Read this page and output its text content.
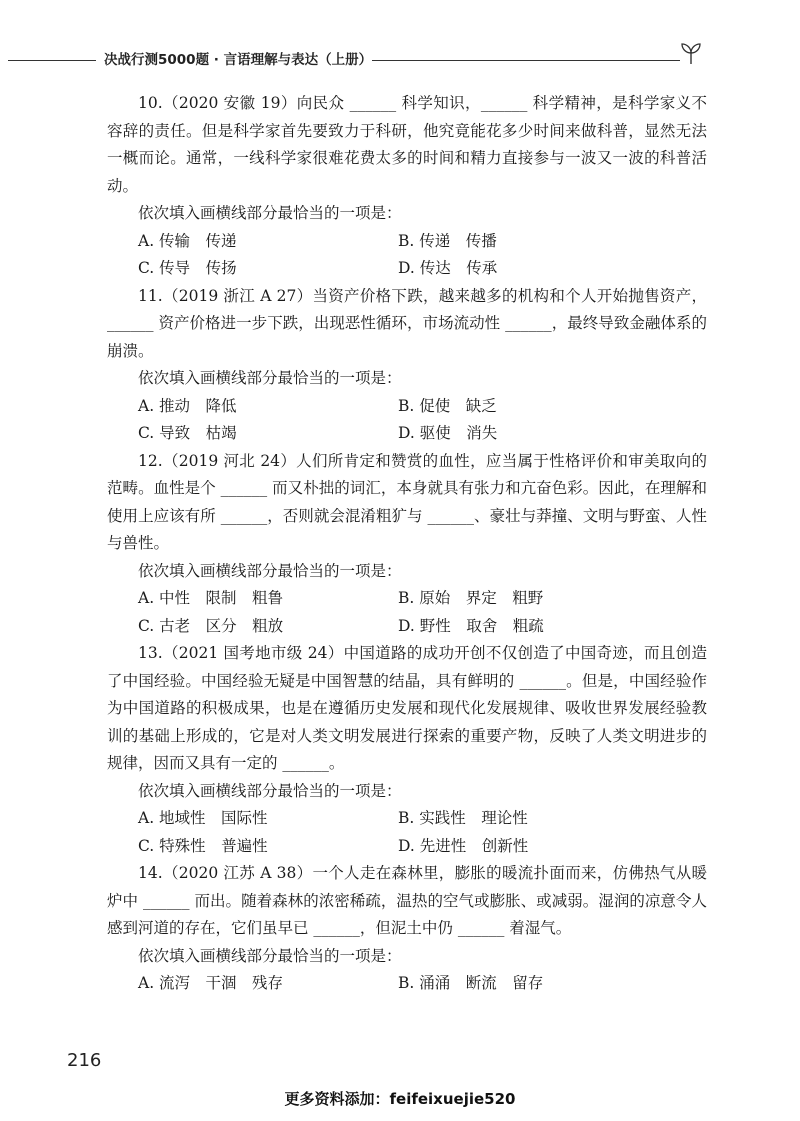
决战行测5000题 · 言语理解与表达（上册）

10.（2020 安徽 19）向民众 ______ 科学知识，______ 科学精神，是科学家义不容辞的责任。但是科学家首先要致力于科研，他究竟能花多少时间来做科普，显然无法一概而论。通常，一线科学家很难花费太多的时间和精力直接参与一波又一波的科普活动。

依次填入画横线部分最恰当的一项是：

A. 传输　传递	B. 传递　传播
C. 传导　传扬	D. 传达　传承

11.（2019 浙江 A 27）当资产价格下跌，越来越多的机构和个人开始抛售资产，______ 资产价格进一步下跌，出现恶性循环，市场流动性 ______，最终导致金融体系的崩溃。

依次填入画横线部分最恰当的一项是：

A. 推动　降低	B. 促使　缺乏
C. 导致　枯竭	D. 驱使　消失

12.（2019 河北 24）人们所肯定和赞赏的血性，应当属于性格评价和审美取向的范畴。血性是个 ______ 而又朴拙的词汇，本身就具有张力和亢奋色彩。因此，在理解和使用上应该有所 ______，否则就会混淆粗犷与 ______、豪壮与莽撞、文明与野蛮、人性与兽性。

依次填入画横线部分最恰当的一项是：

A. 中性　限制　粗鲁	B. 原始　界定　粗野
C. 古老　区分　粗放	D. 野性　取舍　粗疏

13.（2021 国考地市级 24）中国道路的成功开创不仅创造了中国奇迹，而且创造了中国经验。中国经验无疑是中国智慧的结晶，具有鲜明的 ______。但是，中国经验作为中国道路的积极成果，也是在遵循历史发展和现代化发展规律、吸收世界发展经验教训的基础上形成的，它是对人类文明发展进行探索的重要产物，反映了人类文明进步的规律，因而又具有一定的 ______。

依次填入画横线部分最恰当的一项是：

A. 地域性　国际性	B. 实践性　理论性
C. 特殊性　普遍性	D. 先进性　创新性

14.（2020 江苏 A 38）一个人走在森林里，膨胀的暖流扑面而来，仿佛热气从暖炉中 ______ 而出。随着森林的浓密稀疏，温热的空气或膨胀、或减弱。湿润的凉意令人感到河道的存在，它们虽早已 ______，但泥土中仍 ______ 着湿气。

依次填入画横线部分最恰当的一项是：

A. 流泻　干涸　残存	B. 涌涌　断流　留存
216
更多资料添加：feifeixuejie520
